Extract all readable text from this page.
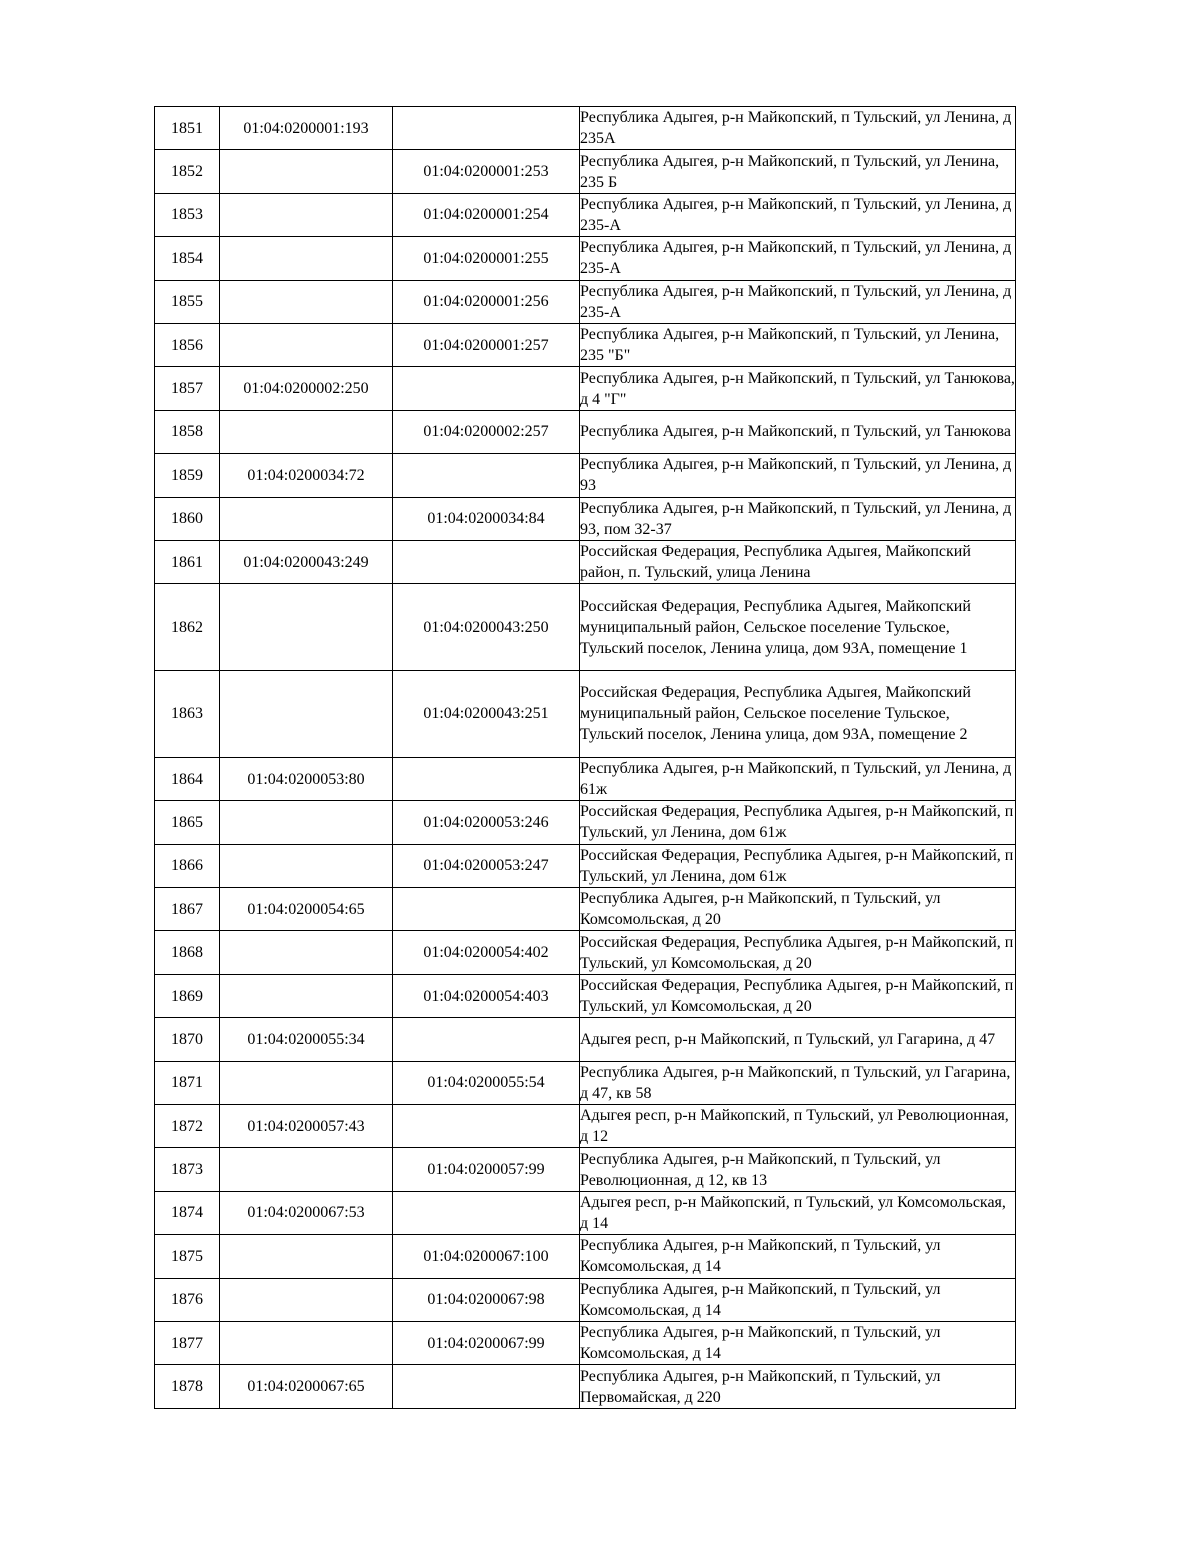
1851	01:04:0200001:193		Республика Адыгея, р-н Майкопский, п Тульский, ул Ленина, д 235А
1852		01:04:0200001:253	Республика Адыгея, р-н Майкопский, п Тульский, ул Ленина, 235 Б
1853		01:04:0200001:254	Республика Адыгея, р-н Майкопский, п Тульский, ул Ленина, д 235-А
1854		01:04:0200001:255	Республика Адыгея, р-н Майкопский, п Тульский, ул Ленина, д 235-А
1855		01:04:0200001:256	Республика Адыгея, р-н Майкопский, п Тульский, ул Ленина, д 235-А
1856		01:04:0200001:257	Республика Адыгея, р-н Майкопский, п Тульский, ул Ленина, 235 "Б"
1857	01:04:0200002:250		Республика Адыгея, р-н Майкопский, п Тульский, ул Танюкова, д 4 "Г"
1858		01:04:0200002:257	Республика Адыгея, р-н Майкопский, п Тульский, ул Танюкова
1859	01:04:0200034:72		Республика Адыгея, р-н Майкопский, п Тульский, ул Ленина, д 93
1860		01:04:0200034:84	Республика Адыгея, р-н Майкопский, п Тульский, ул Ленина, д 93, пом 32-37
1861	01:04:0200043:249		Российская Федерация, Республика Адыгея, Майкопский район, п. Тульский, улица Ленина
1862		01:04:0200043:250	Российская Федерация, Республика Адыгея, Майкопский муниципальный район, Сельское поселение Тульское, Тульский поселок, Ленина улица, дом 93А, помещение 1
1863		01:04:0200043:251	Российская Федерация, Республика Адыгея, Майкопский муниципальный район, Сельское поселение Тульское, Тульский поселок, Ленина улица, дом 93А, помещение 2
1864	01:04:0200053:80		Республика Адыгея, р-н Майкопский, п Тульский, ул Ленина, д 61ж
1865		01:04:0200053:246	Российская Федерация, Республика Адыгея, р-н Майкопский, п Тульский, ул Ленина, дом 61ж
1866		01:04:0200053:247	Российская Федерация, Республика Адыгея, р-н Майкопский, п Тульский, ул Ленина, дом 61ж
1867	01:04:0200054:65		Республика Адыгея, р-н Майкопский, п Тульский, ул Комсомольская, д 20
1868		01:04:0200054:402	Российская Федерация, Республика Адыгея, р-н Майкопский, п Тульский, ул Комсомольская, д 20
1869		01:04:0200054:403	Российская Федерация, Республика Адыгея, р-н Майкопский, п Тульский, ул Комсомольская, д 20
1870	01:04:0200055:34		Адыгея респ, р-н Майкопский, п Тульский, ул Гагарина, д 47
1871		01:04:0200055:54	Республика Адыгея, р-н Майкопский, п Тульский, ул Гагарина, д 47, кв 58
1872	01:04:0200057:43		Адыгея респ, р-н Майкопский, п Тульский, ул Революционная, д 12
1873		01:04:0200057:99	Республика Адыгея, р-н Майкопский, п Тульский, ул Революционная, д 12, кв 13
1874	01:04:0200067:53		Адыгея респ, р-н Майкопский, п Тульский, ул Комсомольская, д 14
1875		01:04:0200067:100	Республика Адыгея, р-н Майкопский, п Тульский, ул Комсомольская, д 14
1876		01:04:0200067:98	Республика Адыгея, р-н Майкопский, п Тульский, ул Комсомольская, д 14
1877		01:04:0200067:99	Республика Адыгея, р-н Майкопский, п Тульский, ул Комсомольская, д 14
1878	01:04:0200067:65		Республика Адыгея, р-н Майкопский, п Тульский, ул Первомайская, д 220
